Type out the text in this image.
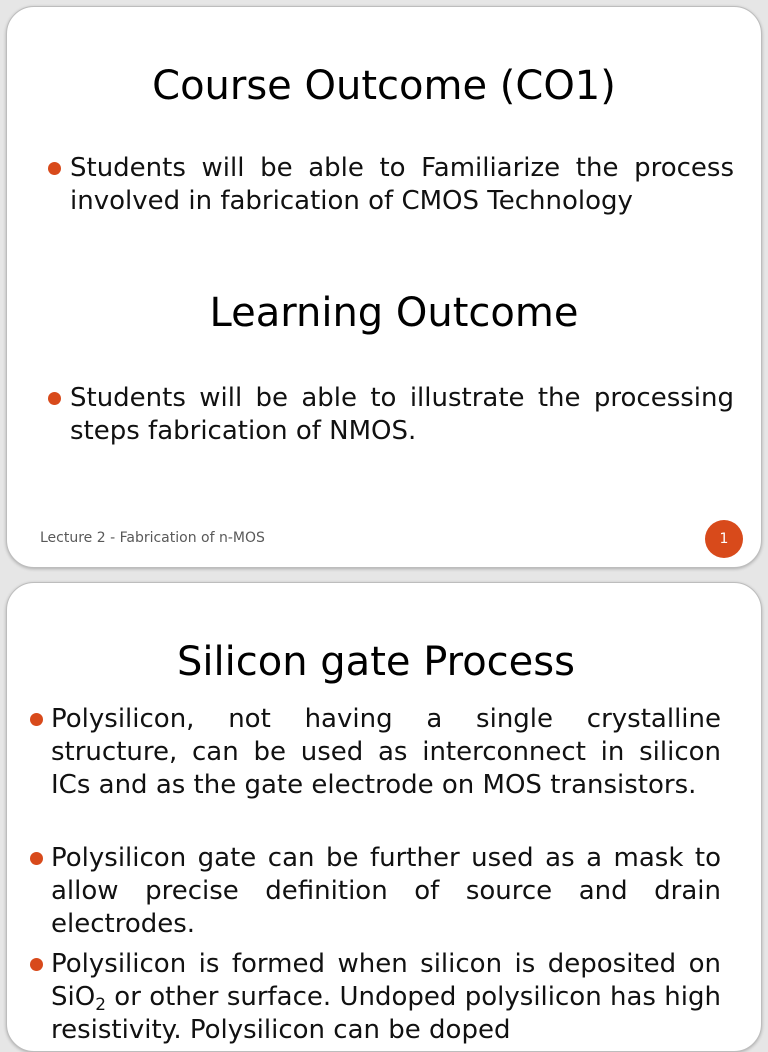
Course Outcome (CO1)
Students will be able to Familiarize the process involved in fabrication of CMOS Technology
Learning Outcome
Students will be able to illustrate the processing steps fabrication of NMOS.
Lecture 2 - Fabrication of n-MOS	1
Silicon gate Process
Polysilicon, not having a single crystalline structure, can be used as interconnect in silicon ICs and as the gate electrode on MOS transistors.
Polysilicon gate can be further used as a mask to allow precise definition of source and drain electrodes.
Polysilicon is formed when silicon is deposited on SiO$_2$ or other surface. Undoped polysilicon has high resistivity. Polysilicon can be doped
